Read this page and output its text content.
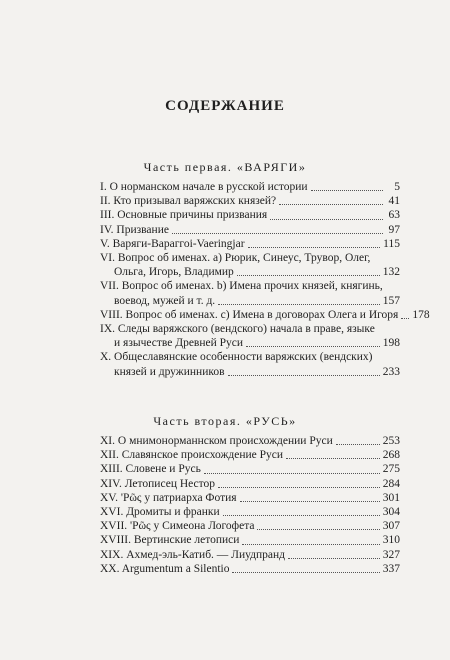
СОДЕРЖАНИЕ
Часть первая. «ВАРЯГИ»
I. О норманском начале в русской истории	5
II. Кто призывал варяжских князей?	41
III. Основные причины призвания	63
IV. Призвание	97
V. Варяги-Вараггоі-Vaeringjar	115
VI. Вопрос об именах. a) Рюрик, Синеус, Трувор, Олег,
Ольга, Игорь, Владимир	132
VII. Вопрос об именах. b) Имена прочих князей, княгинь,
воевод, мужей и т. д.	157
VIII. Вопрос об именах. с) Имена в договорах Олега и Игоря 178
IX. Следы варяжского (вендского) начала в праве, языке
и язычестве Древней Руси	198
X. Общеславянские особенности варяжских (вендских)
князей и дружинников	233
Часть вторая. «РУСЬ»
XI. О мнимонорманнском происхождении Руси	253
XII. Славянское происхождение Руси	268
XIII. Словене и Русь	275
XIV. Летописец Нестор	284
XV. 'Ρῶς у патриарха Фотия	301
XVI. Дромиты и франки	304
XVII. 'Ρῶς у Симеона Логофета	307
XVIII. Вертинские летописи	310
XIX. Ахмед-эль-Катиб. — Лиудпранд	327
XX. Argumentum a Silentio	337
